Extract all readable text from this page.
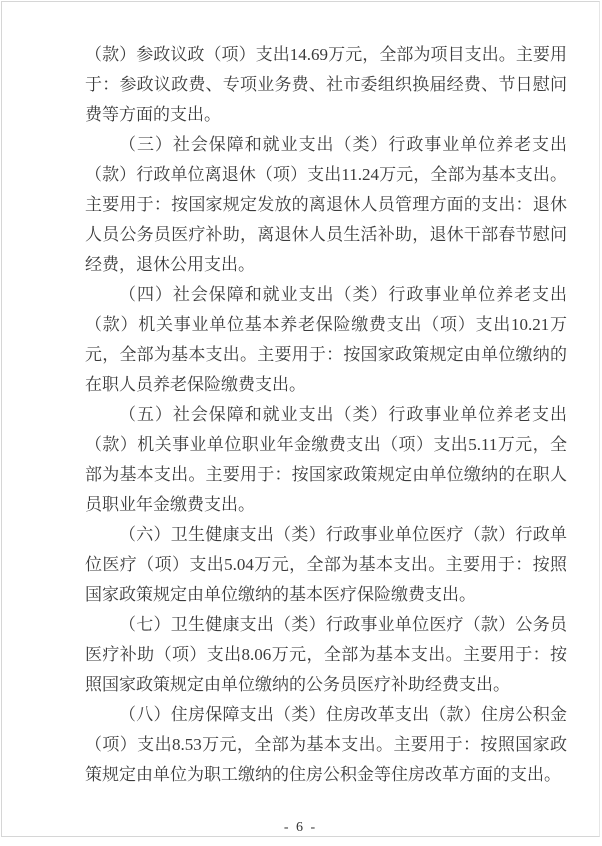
（款）参政议政（项）支出14.69万元，全部为项目支出。主要用于：参政议政费、专项业务费、社市委组织换届经费、节日慰问费等方面的支出。

（三）社会保障和就业支出（类）行政事业单位养老支出（款）行政单位离退休（项）支出11.24万元，全部为基本支出。主要用于：按国家规定发放的离退休人员管理方面的支出：退休人员公务员医疗补助，离退休人员生活补助，退休干部春节慰问经费，退休公用支出。

（四）社会保障和就业支出（类）行政事业单位养老支出（款）机关事业单位基本养老保险缴费支出（项）支出10.21万元，全部为基本支出。主要用于：按国家政策规定由单位缴纳的在职人员养老保险缴费支出。

（五）社会保障和就业支出（类）行政事业单位养老支出（款）机关事业单位职业年金缴费支出（项）支出5.11万元，全部为基本支出。主要用于：按国家政策规定由单位缴纳的在职人员职业年金缴费支出。

（六）卫生健康支出（类）行政事业单位医疗（款）行政单位医疗（项）支出5.04万元，全部为基本支出。主要用于：按照国家政策规定由单位缴纳的基本医疗保险缴费支出。

（七）卫生健康支出（类）行政事业单位医疗（款）公务员医疗补助（项）支出8.06万元，全部为基本支出。主要用于：按照国家政策规定由单位缴纳的公务员医疗补助经费支出。

（八）住房保障支出（类）住房改革支出（款）住房公积金（项）支出8.53万元，全部为基本支出。主要用于：按照国家政策规定由单位为职工缴纳的住房公积金等住房改革方面的支出。

- 6 -
